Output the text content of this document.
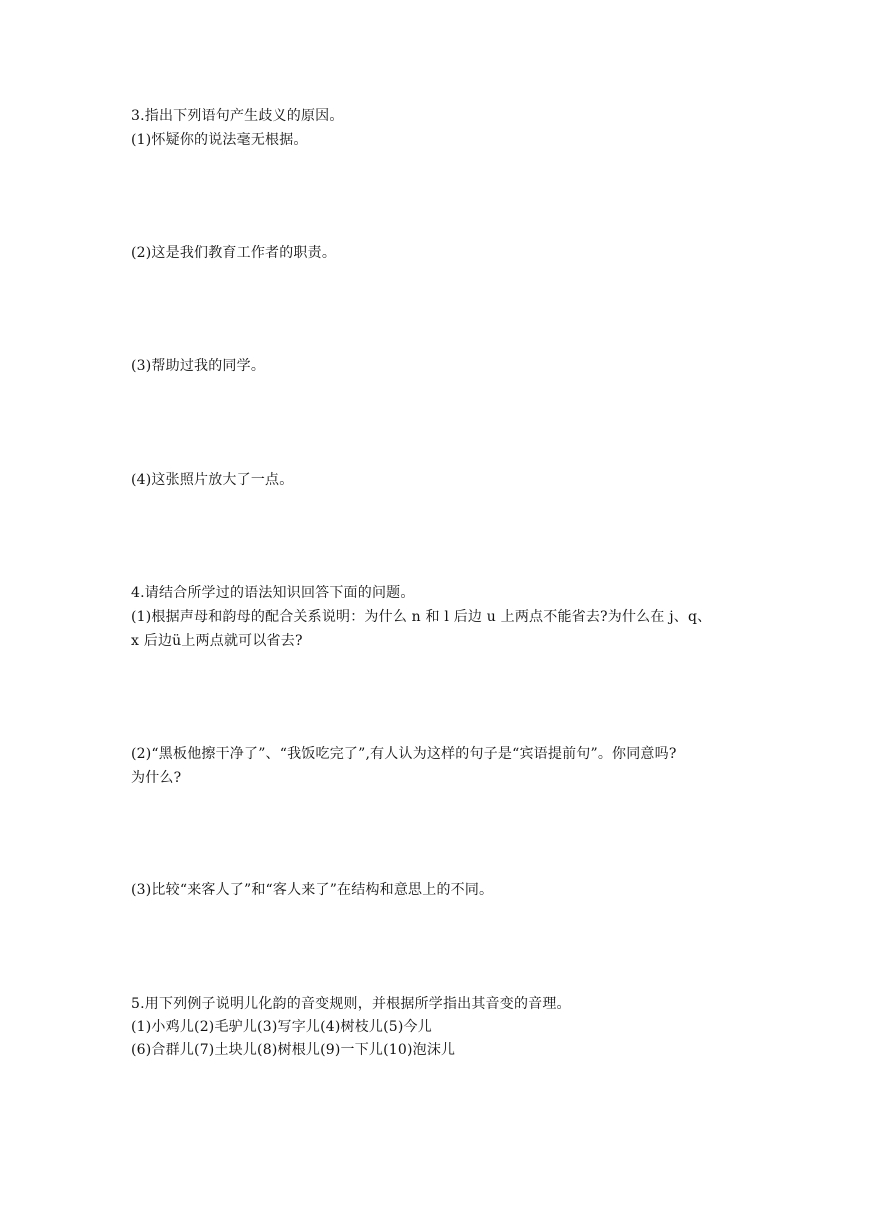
3.指出下列语句产生歧义的原因。
(1)怀疑你的说法毫无根据。
(2)这是我们教育工作者的职责。
(3)帮助过我的同学。
(4)这张照片放大了一点。
4.请结合所学过的语法知识回答下面的问题。
(1)根据声母和韵母的配合关系说明：为什么 n 和 l 后边 u 上两点不能省去?为什么在 j、q、
x 后边ü上两点就可以省去?
(2)“黑板他擦干净了”、“我饭吃完了”,有人认为这样的句子是“宾语提前句”。你同意吗?
为什么?
(3)比较“来客人了”和“客人来了”在结构和意思上的不同。
5.用下列例子说明儿化韵的音变规则，并根据所学指出其音变的音理。
(1)小鸡儿(2)毛驴儿(3)写字儿(4)树枝儿(5)今儿
(6)合群儿(7)土块儿(8)树根儿(9)一下儿(10)泡沫儿
